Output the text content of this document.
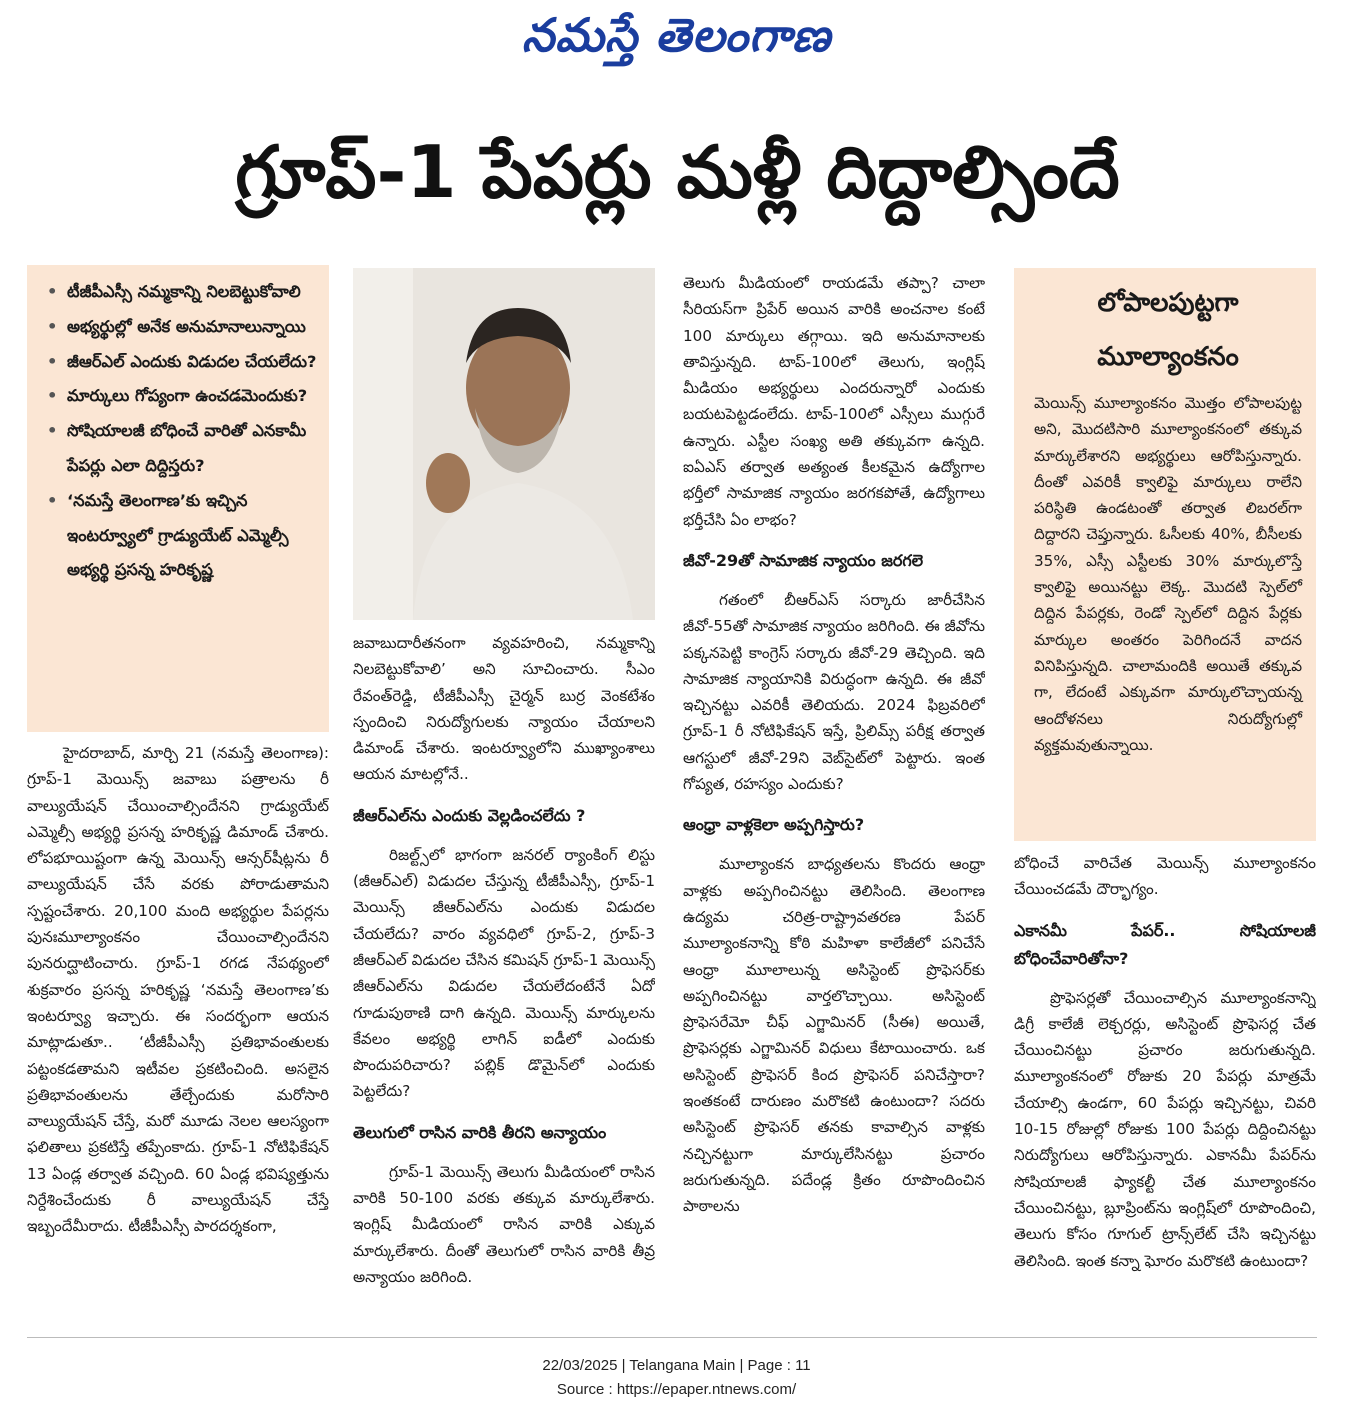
నమస్తే తెలంగాణ
గ్రూప్-1 పేపర్లు మళ్లీ దిద్దాల్సిందే
• టీజీపీఎస్సీ నమ్మకాన్ని నిలబెట్టుకోవాలి
• అభ్యర్థుల్లో అనేక అనుమానాలున్నాయి
• జీఆర్‌ఎల్ ఎందుకు విడుదల చేయలేదు?
• మార్కులు గోప్యంగా ఉంచడమెందుకు?
• సోషియాలజీ బోధించే వారితో ఎనకామీ పేపర్లు ఎలా దిద్దిస్తరు?
• ‘నమస్తే తెలంగాణ’కు ఇచ్చిన ఇంటర్వ్యూలో గ్రాడ్యుయేట్ ఎమ్మెల్సీ అభ్యర్థి ప్రసన్న హరికృష్ణ

హైదరాబాద్, మార్చి 21 (నమస్తే తెలంగాణ): గ్రూప్-1 మెయిన్స్ జవాబు పత్రాలను రీ వాల్యుయేషన్ చేయించాల్సిందేనని గ్రాడ్యుయేట్ ఎమ్మెల్సీ అభ్యర్థి ప్రసన్న హరికృష్ణ డిమాండ్ చేశారు. లోపభూయిష్టంగా ఉన్న మెయిన్స్ ఆన్సర్‌షీట్లను రీ వాల్యుయేషన్ చేసే వరకు పోరాడుతామని స్పష్టంచేశారు. 20,100 మంది అభ్యర్థుల పేపర్లను పునఃమూల్యాంకనం చేయించాల్సిందేనని పునరుద్ఘాటించారు. గ్రూప్-1 రగడ నేపథ్యంలో శుక్రవారం ప్రసన్న హరికృష్ణ ‘నమస్తే తెలంగాణ’కు ఇంటర్వ్యూ ఇచ్చారు. ఈ సందర్భంగా ఆయన మాట్లాడుతూ.. ‘టీజీపీఎస్సీ ప్రతిభావంతులకు పట్టంకడతామని ఇటీవల ప్రకటించింది. అసలైన ప్రతిభావంతులను తేల్చేందుకు మరోసారి వాల్యుయేషన్ చేస్తే, మరో మూడు నెలల ఆలస్యంగా ఫలితాలు ప్రకటిస్తే తప్పేంకాదు. గ్రూప్-1 నోటిఫికేషన్ 13 ఏండ్ల తర్వాత వచ్చింది. 60 ఏండ్ల భవిష్యత్తును నిర్దేశించేందుకు రీ వాల్యుయేషన్ చేస్తే ఇబ్బందేమీరాదు. టీజీపీఎస్సీ పారదర్శకంగా,

జవాబుదారీతనంగా వ్యవహరించి, నమ్మకాన్ని నిలబెట్టుకోవాలి’ అని సూచించారు. సీఎం రేవంత్‌రెడ్డి, టీజీపీఎస్సీ చైర్మన్ బుర్ర వెంకటేశం స్పందించి నిరుద్యోగులకు న్యాయం చేయాలని డిమాండ్ చేశారు. ఇంటర్వ్యూలోని ముఖ్యాంశాలు ఆయన మాటల్లోనే..

జీఆర్‌ఎల్‌ను ఎందుకు వెల్లడించలేదు ?

రిజల్ట్స్‌లో భాగంగా జనరల్ ర్యాంకింగ్ లిస్టు (జీఆర్‌ఎల్) విడుదల చేస్తున్న టీజీపీఎస్సీ, గ్రూప్-1 మెయిన్స్ జీఆర్‌ఎల్‌ను ఎందుకు విడుదల చేయలేదు? వారం వ్యవధిలో గ్రూప్-2, గ్రూప్-3 జీఆర్‌ఎల్ విడుదల చేసిన కమిషన్ గ్రూప్-1 మెయిన్స్ జీఆర్‌ఎల్‌ను విడుదల చేయలేదంటేనే ఏదో గూడుపుఠాణి దాగి ఉన్నది. మెయిన్స్ మార్కులను కేవలం అభ్యర్థి లాగిన్ ఐడీలో ఎందుకు పొందుపరిచారు? పబ్లిక్ డొమైన్‌లో ఎందుకు పెట్టలేదు?

తెలుగులో రాసిన వారికి తీరని అన్యాయం

గ్రూప్-1 మెయిన్స్ తెలుగు మీడియంలో రాసిన వారికి 50-100 వరకు తక్కువ మార్కులేశారు. ఇంగ్లిష్ మీడియంలో రాసిన వారికి ఎక్కువ మార్కులేశారు. దీంతో తెలుగులో రాసిన వారికి తీవ్ర అన్యాయం జరిగింది.

తెలుగు మీడియంలో రాయడమే తప్పా? చాలా సీరియస్‌గా ప్రిపేర్ అయిన వారికి అంచనాల కంటే 100 మార్కులు తగ్గాయి. ఇది అనుమానాలకు తావిస్తున్నది. టాప్-100లో తెలుగు, ఇంగ్లిష్ మీడియం అభ్యర్థులు ఎందరున్నారో ఎందుకు బయటపెట్టడంలేదు. టాప్-100లో ఎస్సీలు ముగ్గురే ఉన్నారు. ఎస్టీల సంఖ్య అతి తక్కువగా ఉన్నది. ఐఏఎస్ తర్వాత అత్యంత కీలకమైన ఉద్యోగాల భర్తీలో సామాజిక న్యాయం జరగకపోతే, ఉద్యోగాలు భర్తీచేసి ఏం లాభం?

జీవో-29తో సామాజిక న్యాయం జరగలె

గతంలో బీఆర్‌ఎస్ సర్కారు జారీచేసిన జీవో-55తో సామాజిక న్యాయం జరిగింది. ఈ జీవోను పక్కనపెట్టి కాంగ్రెస్ సర్కారు జీవో-29 తెచ్చింది. ఇది సామాజిక న్యాయానికి విరుద్ధంగా ఉన్నది. ఈ జీవో ఇచ్చినట్టు ఎవరికీ తెలియదు. 2024 ఫిబ్రవరిలో గ్రూప్-1 రీ నోటిఫికేషన్ ఇస్తే, ప్రిలిమ్స్ పరీక్ష తర్వాత ఆగస్టులో జీవో-29ని వెబ్‌సైట్‌లో పెట్టారు. ఇంత గోప్యత, రహస్యం ఎందుకు?

ఆంధ్రా వాళ్లకెలా అప్పగిస్తారు?

మూల్యాంకన బాధ్యతలను కొందరు ఆంధ్రా వాళ్లకు అప్పగించినట్టు తెలిసింది. తెలంగాణ ఉద్యమ చరిత్ర-రాష్ట్రావతరణ పేపర్ మూల్యాంకనాన్ని కోఠి మహిళా కాలేజీలో పనిచేసే ఆంధ్రా మూలాలున్న అసిస్టెంట్ ప్రొఫెసర్‌కు అప్పగించినట్టు వార్తలొచ్చాయి. అసిస్టెంట్ ప్రొఫెసరేమో చీఫ్ ఎగ్జామినర్ (సీఈ) అయితే, ప్రొఫెసర్లకు ఎగ్జామినర్ విధులు కేటాయించారు. ఒక అసిస్టెంట్ ప్రొఫెసర్ కింద ప్రొఫెసర్ పనిచేస్తారా? ఇంతకంటే దారుణం మరొకటి ఉంటుందా? సదరు అసిస్టెంట్ ప్రొఫెసర్ తనకు కావాల్సిన వాళ్లకు నచ్చినట్టుగా మార్కులేసినట్టు ప్రచారం జరుగుతున్నది. పదేండ్ల క్రితం రూపొందించిన పాఠాలను

లోపాలపుట్టగా మూల్యాంకనం
మెయిన్స్ మూల్యాంకనం మొత్తం లోపాలపుట్ట అని, మొదటిసారి మూల్యాంకనంలో తక్కువ మార్కులేశారని అభ్యర్థులు ఆరోపిస్తున్నారు. దీంతో ఎవరికీ క్వాలిఫై మార్కులు రాలేని పరిస్థితి ఉండటంతో తర్వాత లిబరల్‌గా దిద్దారని చెప్తున్నారు. ఓసీలకు 40%, బీసీలకు 35%, ఎస్సీ ఎస్టీలకు 30% మార్కులొస్తే క్వాలిఫై అయినట్టు లెక్క. మొదటి స్పెల్‌లో దిద్దిన పేపర్లకు, రెండో స్పెల్‌లో దిద్దిన పేర్లకు మార్కుల అంతరం పెరిగిందనే వాదన వినిపిస్తున్నది. చాలామందికి అయితే తక్కువ గా, లేదంటే ఎక్కువగా మార్కులొచ్చాయన్న ఆందోళనలు నిరుద్యోగుల్లో వ్యక్తమవుతున్నాయి.

బోధించే వారిచేత మెయిన్స్ మూల్యాంకనం చేయించడమే దౌర్భాగ్యం.

ఎకానమీ పేపర్.. సోషియాలజీ బోధించేవారితోనా?

ప్రొఫెసర్లతో చేయించాల్సిన మూల్యాంకనాన్ని డిగ్రీ కాలేజీ లెక్చరర్లు, అసిస్టెంట్ ప్రొఫెసర్ల చేత చేయించినట్టు ప్రచారం జరుగుతున్నది. మూల్యాంకనంలో రోజుకు 20 పేపర్లు మాత్రమే చేయాల్సి ఉండగా, 60 పేపర్లు ఇచ్చినట్టు, చివరి 10-15 రోజుల్లో రోజుకు 100 పేపర్లు దిద్దించినట్టు నిరుద్యోగులు ఆరోపిస్తున్నారు. ఎకానమీ పేపర్‌ను సోషియాలజీ ఫ్యాకల్టీ చేత మూల్యాంకనం చేయించినట్టు, బ్లూప్రింట్‌ను ఇంగ్లిష్‌లో రూపొందించి, తెలుగు కోసం గూగుల్ ట్రాన్స్‌లేట్ చేసి ఇచ్చినట్టు తెలిసింది. ఇంత కన్నా ఘోరం మరొకటి ఉంటుందా?

22/03/2025 | Telangana Main | Page : 11
Source : https://epaper.ntnews.com/
